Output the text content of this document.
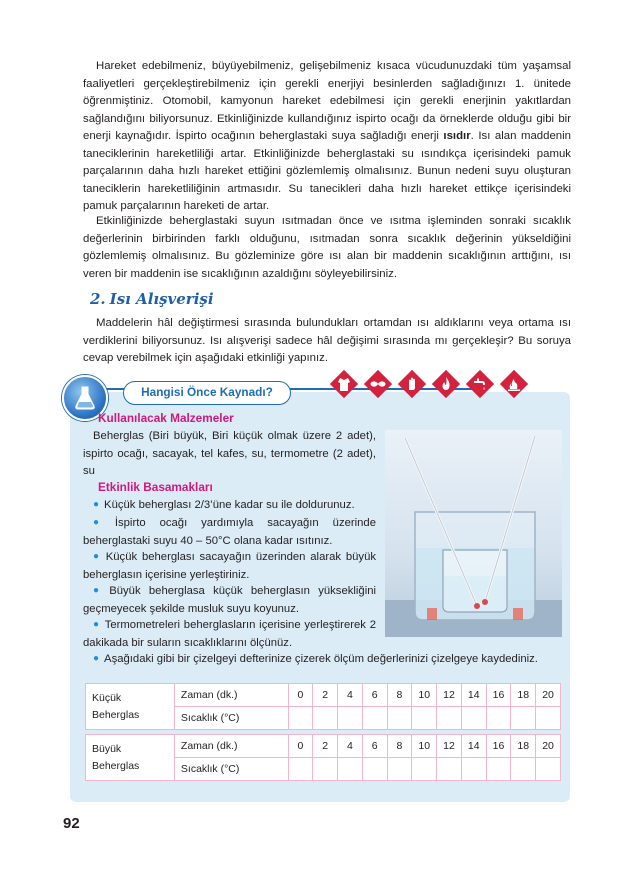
Hareket edebilmeniz, büyüyebilmeniz, gelişebilmeniz kısaca vücudunuzdaki tüm yaşamsal faaliyetleri gerçekleştirebilmeniz için gerekli enerjiyi besinlerden sağladığınızı 1. ünitede öğrenmiştiniz. Otomobil, kamyonun hareket edebilmesi için gerekli enerjinin yakıtlardan sağlandığını biliyorsunuz. Etkinliğinizde kullandığınız ispirto ocağı da örneklerde olduğu gibi bir enerji kaynağıdır. İspirto ocağının beherglastaki suya sağladığı enerji ısıdır. Isı alan maddenin taneciklerinin hareketliliği artar. Etkinliğinizde beherglastaki su ısındıkça içerisindeki pamuk parçalarının daha hızlı hareket ettiğini gözlemlemiş olmalısınız. Bunun nedeni suyu oluşturan taneciklerin hareketliliğinin artmasıdır. Su tanecikleri daha hızlı hareket ettikçe içerisindeki pamuk parçalarının hareketi de artar.

Etkinliğinizde beherglastaki suyun ısıtmadan önce ve ısıtma işleminden sonraki sıcaklık değerlerinin birbirinden farklı olduğunu, ısıtmadan sonra sıcaklık değerinin yükseldiğini gözlemlemiş olmalısınız. Bu gözleminize göre ısı alan bir maddenin sıcaklığının arttığını, ısı veren bir maddenin ise sıcaklığının azaldığını söyleyebilirsiniz.

2. Isı Alışverişi

Maddelerin hâl değiştirmesi sırasında bulundukları ortamdan ısı aldıklarını veya ortama ısı verdiklerini biliyorsunuz. Isı alışverişi sadece hâl değişimi sırasında mı gerçekleşir? Bu soruya cevap verebilmek için aşağıdaki etkinliği yapınız.

Hangisi Önce Kaynadı?
Kullanılacak Malzemeler

Beherglas (Biri büyük, Biri küçük olmak üzere 2 adet), ispirto ocağı, sacayak, tel kafes, su, termometre (2 adet), su

Etkinlik Basamakları

● Küçük beherglası 2/3’üne kadar su ile doldurunuz.

● İspirto ocağı yardımıyla sacayağın üzerinde beherglastaki suyu 40 – 50°C olana kadar ısıtınız.

● Küçük beherglası sacayağın üzerinden alarak büyük beherglasın içerisine yerleştiriniz.

● Büyük beherglasa küçük beherglasın yüksekliğini geçmeyecek şekilde musluk suyu koyunuz.

● Termometreleri beherglasların içerisine yerleştirerek 2 dakikada bir suların sıcaklıklarını ölçünüz.

● Aşağıdaki gibi bir çizelgeyi defterinize çizerek ölçüm değerlerinizi çizelgeye kaydediniz.

Küçük Beherglas	Zaman (dk.)	0	2	4	6	8	10	12	14	16	18	20
	Sıcaklık (°C)											
Büyük Beherglas	Zaman (dk.)	0	2	4	6	8	10	12	14	16	18	20
	Sıcaklık (°C)											

92
